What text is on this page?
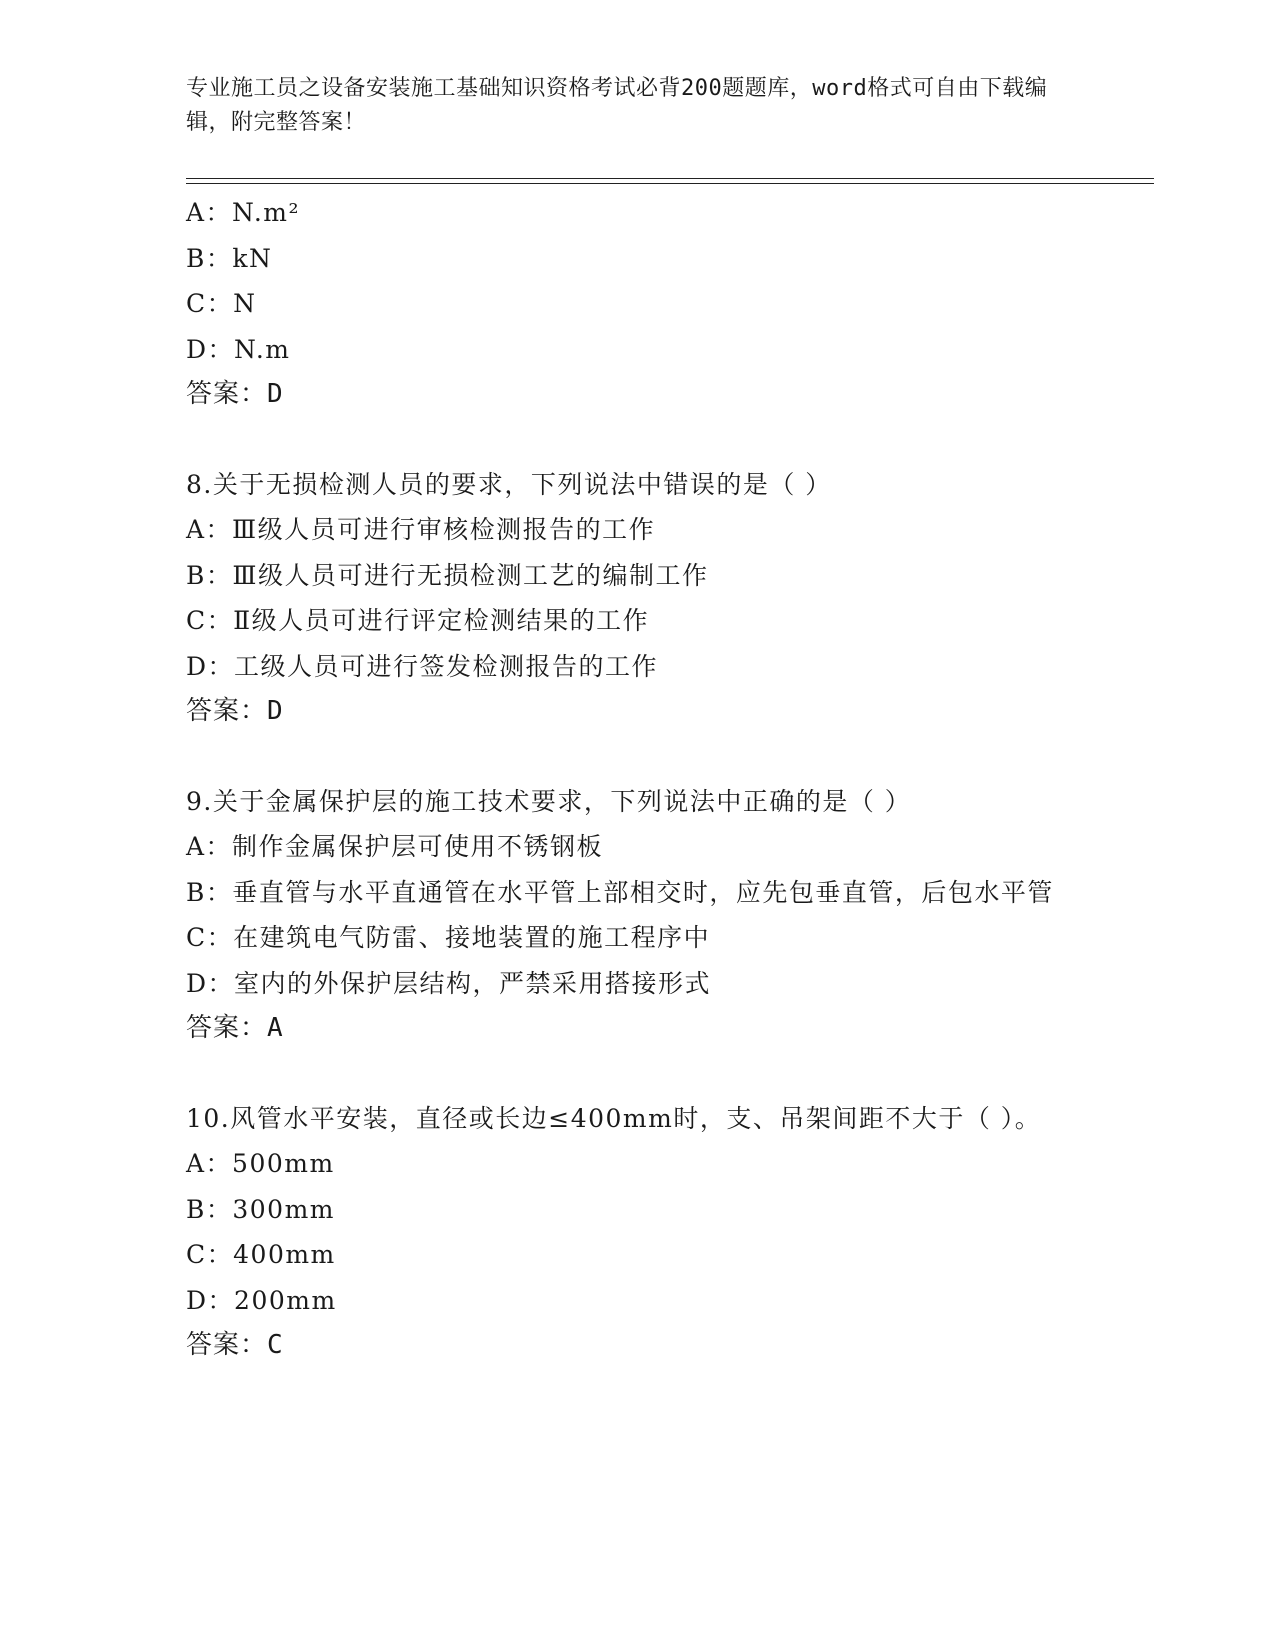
专业施工员之设备安装施工基础知识资格考试必背200题题库，word格式可自由下载编辑，附完整答案！
A：N.m²
B：kN
C：N
D：N.m
答案：D
8.关于无损检测人员的要求，下列说法中错误的是（ ）
A：Ⅲ级人员可进行审核检测报告的工作
B：Ⅲ级人员可进行无损检测工艺的编制工作
C：Ⅱ级人员可进行评定检测结果的工作
D：工级人员可进行签发检测报告的工作
答案：D
9.关于金属保护层的施工技术要求，下列说法中正确的是（ ）
A：制作金属保护层可使用不锈钢板
B：垂直管与水平直通管在水平管上部相交时，应先包垂直管，后包水平管
C：在建筑电气防雷、接地装置的施工程序中
D：室内的外保护层结构，严禁采用搭接形式
答案：A
10.风管水平安装，直径或长边≤400mm时，支、吊架间距不大于（ ）。
A：500mm
B：300mm
C：400mm
D：200mm
答案：C
